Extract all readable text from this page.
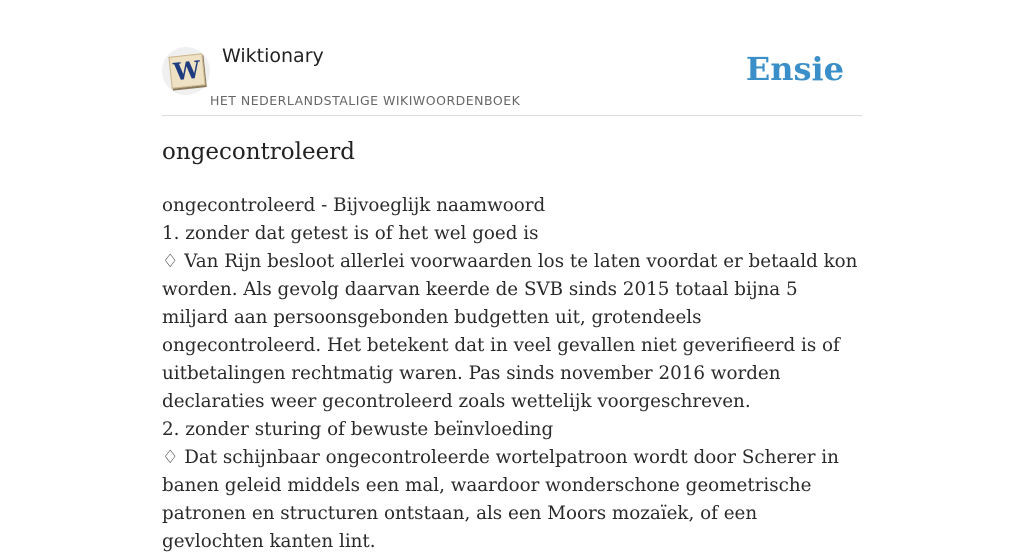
W Wiktionary
HET NEDERLANDSTALIGE WIKIWOORDENBOEK
Ensie
ongecontroleerd

ongecontroleerd - Bijvoeglijk naamwoord

1. zonder dat getest is of het wel goed is

♢ Van Rijn besloot allerlei voorwaarden los te laten voordat er betaald kon worden. Als gevolg daarvan keerde de SVB sinds 2015 totaal bijna 5 miljard aan persoonsgebonden budgetten uit, grotendeels ongecontroleerd. Het betekent dat in veel gevallen niet geverifieerd is of uitbetalingen rechtmatig waren. Pas sinds november 2016 worden declaraties weer gecontroleerd zoals wettelijk voorgeschreven.

2. zonder sturing of bewuste beïnvloeding

♢ Dat schijnbaar ongecontroleerde wortelpatroon wordt door Scherer in banen geleid middels een mal, waardoor wonderschone geometrische patronen en structuren ontstaan, als een Moors mozaïek, of een gevlochten kanten lint.
